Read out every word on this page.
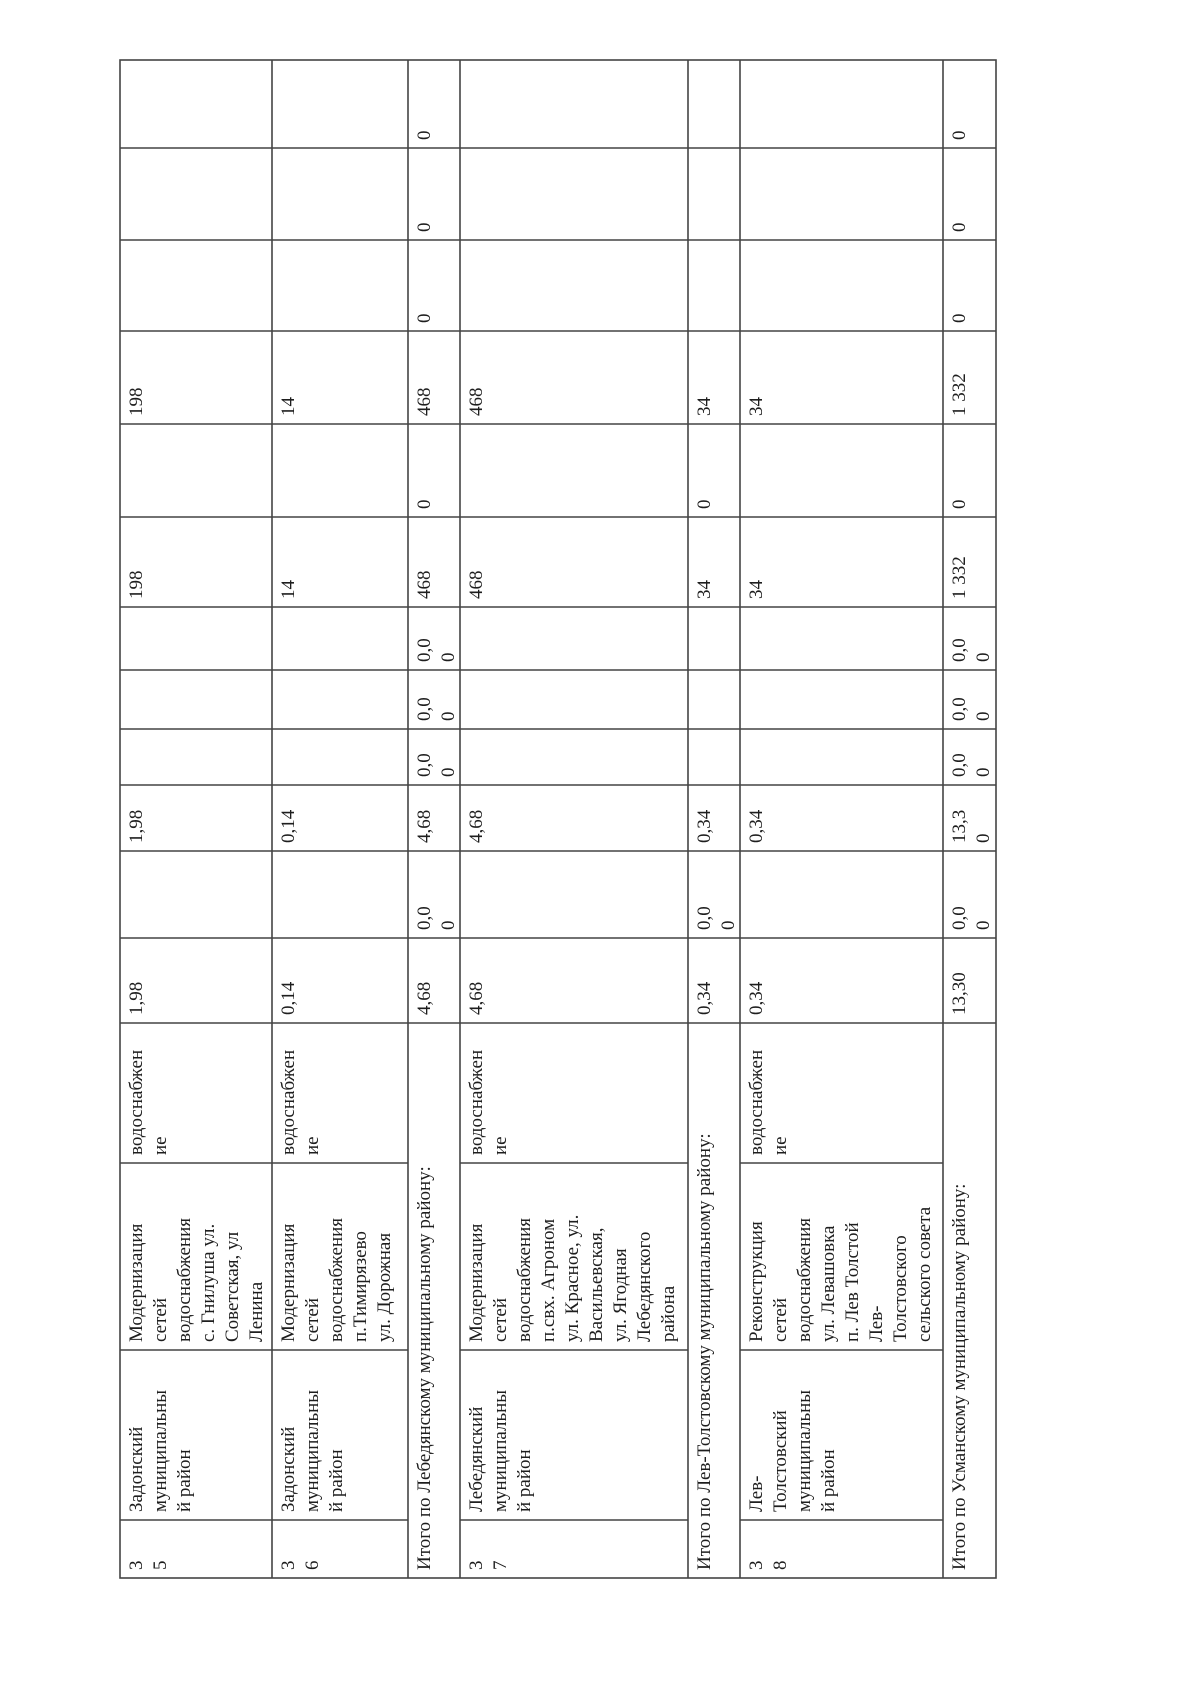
3 5
Задонский муниципальны й район
Модернизация сетей водоснабжения с. Гнилуша ул. Советская, ул Ленина
водоснабжен ие
1,98
1,98
198
198
3 6
Задонский муниципальны й район
Модернизация сетей водоснабжения п.Тимирязево ул. Дорожная
водоснабжен ие
0,14
0,14
14
14
Итого по Лебедянскому муниципальному району:
4,68
0,0 0
4,68
0,0 0
0,0 0
0,0 0
468
0
468
0
0
0
3 7
Лебедянский муниципальны й район
Модернизация сетей водоснабжения п.свх. Агроном ул. Красное, ул. Васильевская, ул. Ягодная Лебедянского района
водоснабжен ие
4,68
4,68
468
468
Итого по Лев-Толстовскому муниципальному району:
0,34
0,0 0
0,34
34
0
34
3 8
Лев- Толстовский муниципальны й район
Реконструкция сетей водоснабжения ул. Левашовка п. Лев Толстой Лев- Толстовского сельского совета
водоснабжен ие
0,34
0,34
34
34
Итого по Усманскому муниципальному району:
13,30
0,0 0
13,3 0
0,0 0
0,0 0
0,0 0
1 332
0
1 332
0
0
0
